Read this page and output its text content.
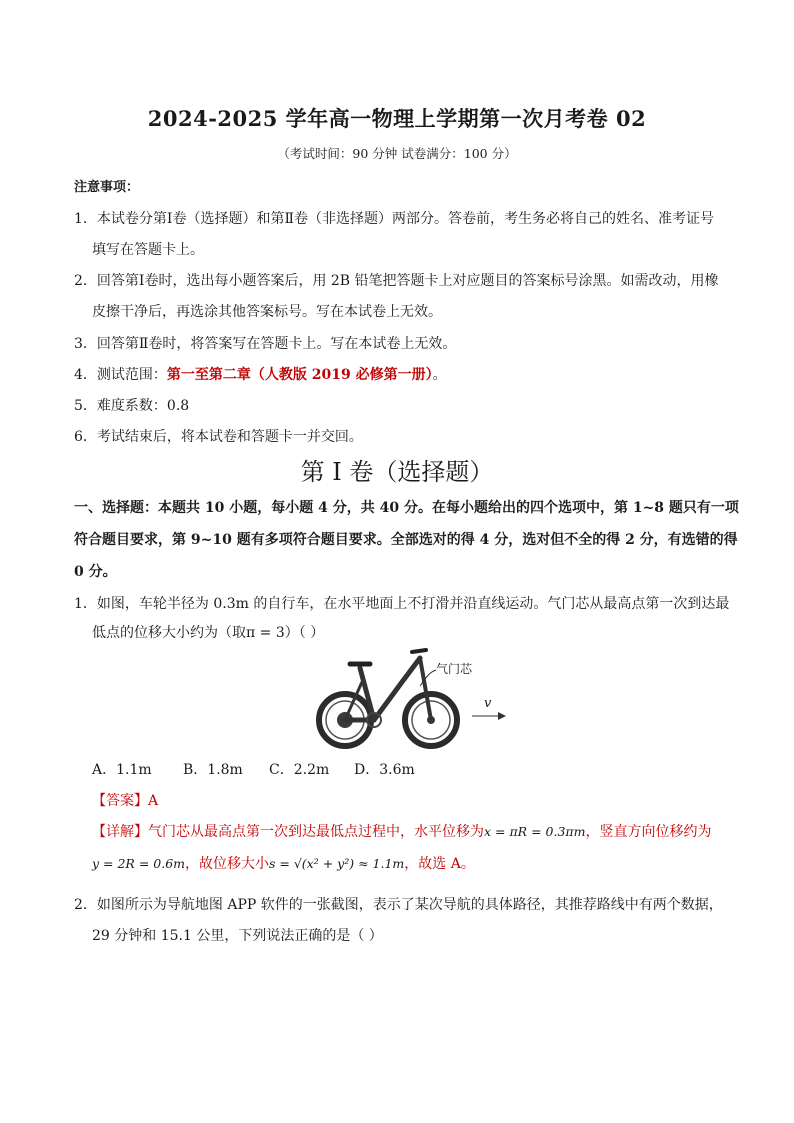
2024-2025 学年高一物理上学期第一次月考卷 02
（考试时间：90 分钟 试卷满分：100 分）
注意事项：
1．本试卷分第Ⅰ卷（选择题）和第Ⅱ卷（非选择题）两部分。答卷前，考生务必将自己的姓名、准考证号
填写在答题卡上。
2．回答第Ⅰ卷时，选出每小题答案后，用 2B 铅笔把答题卡上对应题目的答案标号涂黑。如需改动，用橡
皮擦干净后，再选涂其他答案标号。写在本试卷上无效。
3．回答第Ⅱ卷时，将答案写在答题卡上。写在本试卷上无效。
4．测试范围：第一至第二章（人教版 2019 必修第一册）。
5．难度系数：0.8
6．考试结束后，将本试卷和答题卡一并交回。
第 I 卷（选择题）
一、选择题：本题共 10 小题，每小题 4 分，共 40 分。在每小题给出的四个选项中，第 1~8 题只有一项
符合题目要求，第 9~10 题有多项符合题目要求。全部选对的得 4 分，选对但不全的得 2 分，有选错的得
0 分。
1．如图，车轮半径为 0.3m 的自行车，在水平地面上不打滑并沿直线运动。气门芯从最高点第一次到达最
低点的位移大小约为（取π = 3）（ ）
气门芯
v
A．1.1m B．1.8m C．2.2m D．3.6m
【答案】A
【详解】气门芯从最高点第一次到达最低点过程中，水平位移为x = πR = 0.3πm，竖直方向位移约为
y = 2R = 0.6m，故位移大小s = √(x² + y²) ≈ 1.1m，故选 A。
2．如图所示为导航地图 APP 软件的一张截图，表示了某次导航的具体路径，其推荐路线中有两个数据，
29 分钟和 15.1 公里，下列说法正确的是（ ）
